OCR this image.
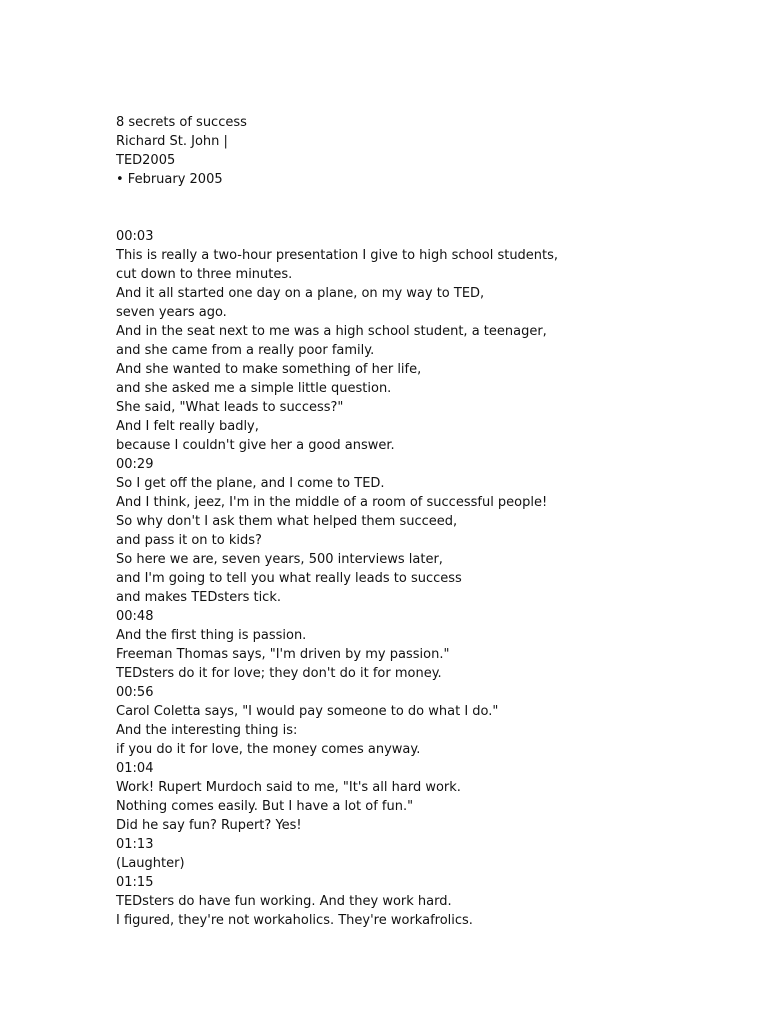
8 secrets of success
Richard St. John |
TED2005
• February 2005
00:03
This is really a two-hour presentation I give to high school students,
cut down to three minutes.
And it all started one day on a plane, on my way to TED,
seven years ago.
And in the seat next to me was a high school student, a teenager,
and she came from a really poor family.
And she wanted to make something of her life,
and she asked me a simple little question.
She said, "What leads to success?"
And I felt really badly,
because I couldn't give her a good answer.
00:29
So I get off the plane, and I come to TED.
And I think, jeez, I'm in the middle of a room of successful people!
So why don't I ask them what helped them succeed,
and pass it on to kids?
So here we are, seven years, 500 interviews later,
and I'm going to tell you what really leads to success
and makes TEDsters tick.
00:48
And the first thing is passion.
Freeman Thomas says, "I'm driven by my passion."
TEDsters do it for love; they don't do it for money.
00:56
Carol Coletta says, "I would pay someone to do what I do."
And the interesting thing is:
if you do it for love, the money comes anyway.
01:04
Work! Rupert Murdoch said to me, "It's all hard work.
Nothing comes easily. But I have a lot of fun."
Did he say fun? Rupert? Yes!
01:13
(Laughter)
01:15
TEDsters do have fun working. And they work hard.
I figured, they're not workaholics. They're workafrolics.
